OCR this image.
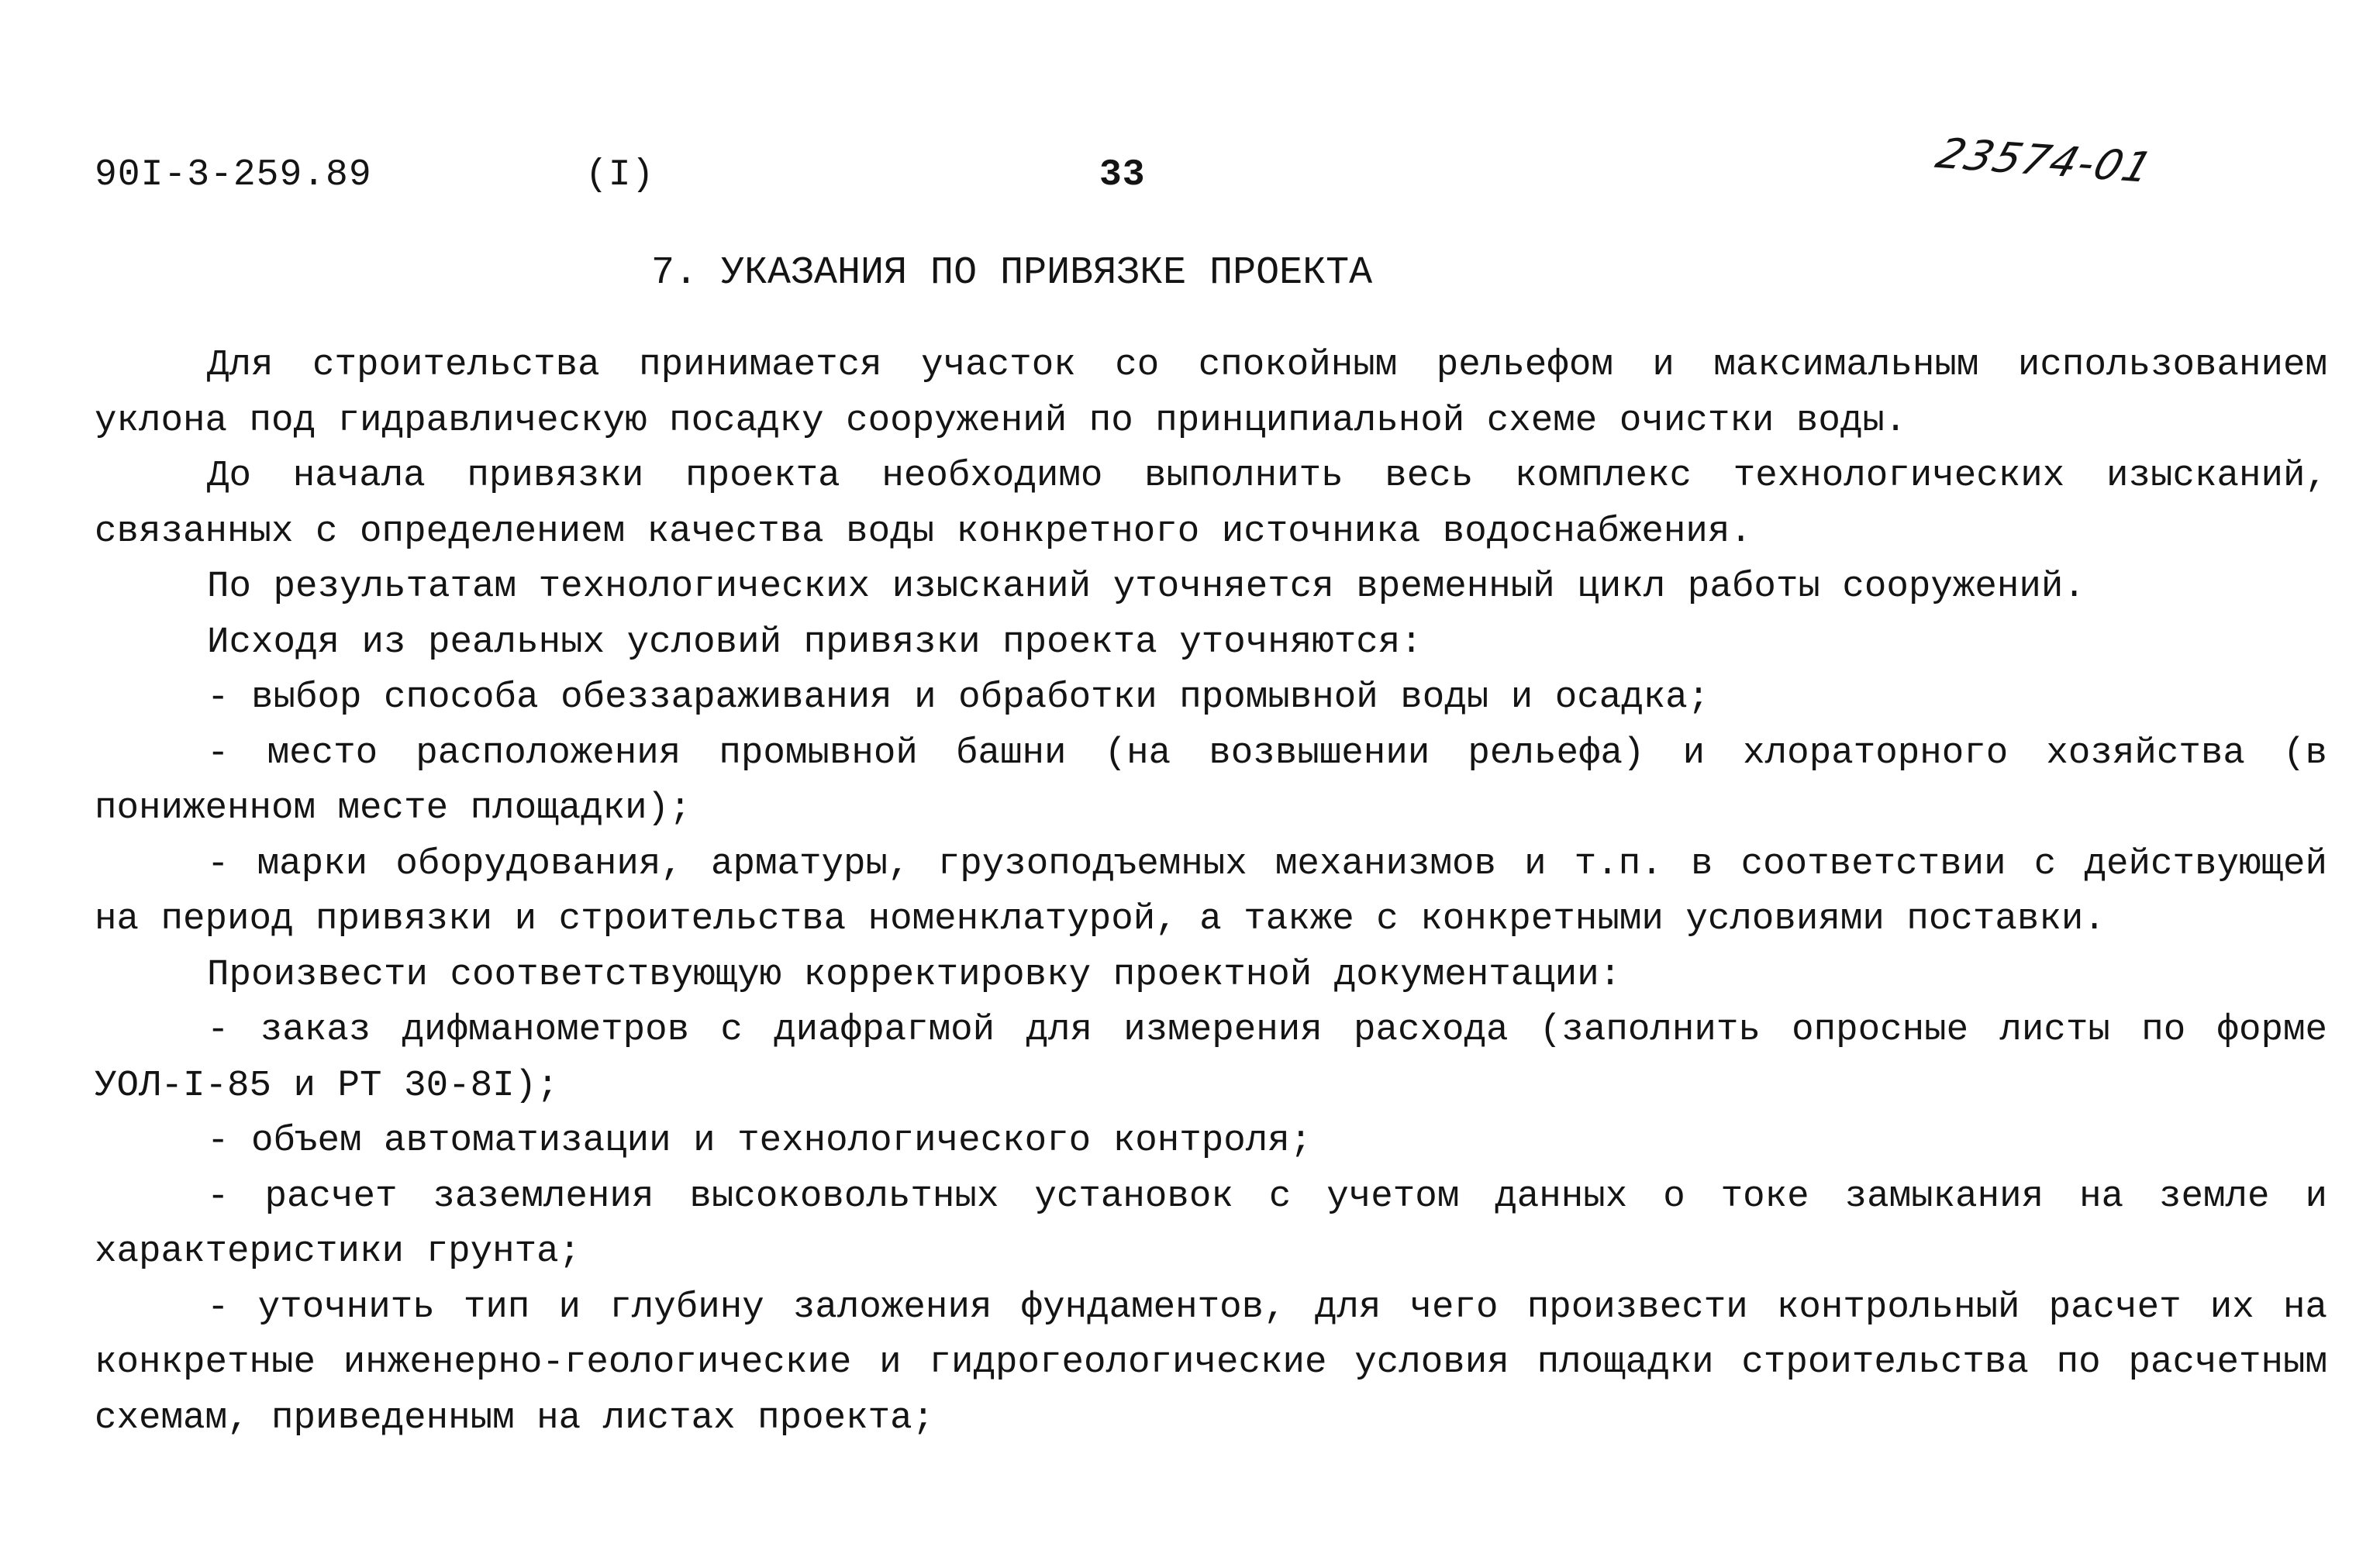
90I-3-259.89	(I)	33	23574-01
7. УКАЗАНИЯ ПО ПРИВЯЗКЕ ПРОЕКТА

Для строительства принимается участок со спокойным рельефом и максимальным использованием уклона под гидравлическую посадку сооружений по принципиальной схеме очистки воды.

До начала привязки проекта необходимо выполнить весь комплекс технологических изысканий, связанных с определением качества воды конкретного источника водоснабжения.

По результатам технологических изысканий уточняется временный цикл работы сооружений.

Исходя из реальных условий привязки проекта уточняются:

- выбор способа обеззараживания и обработки промывной воды и осадка;

- место расположения промывной башни (на возвышении рельефа) и хлораторного хозяйства (в пониженном месте площадки);

- марки оборудования, арматуры, грузоподъемных механизмов и т.п. в соответствии с действующей на период привязки и строительства номенклатурой, а также с конкретными условиями поставки.

Произвести соответствующую корректировку проектной документации:

- заказ дифманометров с диафрагмой для измерения расхода (заполнить опросные листы по форме УОЛ-I-85 и РТ 30-8I);

- объем автоматизации и технологического контроля;

- расчет заземления высоковольтных установок с учетом данных о токе замыкания на земле и характеристики грунта;

- уточнить тип и глубину заложения фундаментов, для чего произвести контрольный расчет их на конкретные инженерно-геологические и гидрогеологические условия площадки строительства по расчетным схемам, приведенным на листах проекта;
